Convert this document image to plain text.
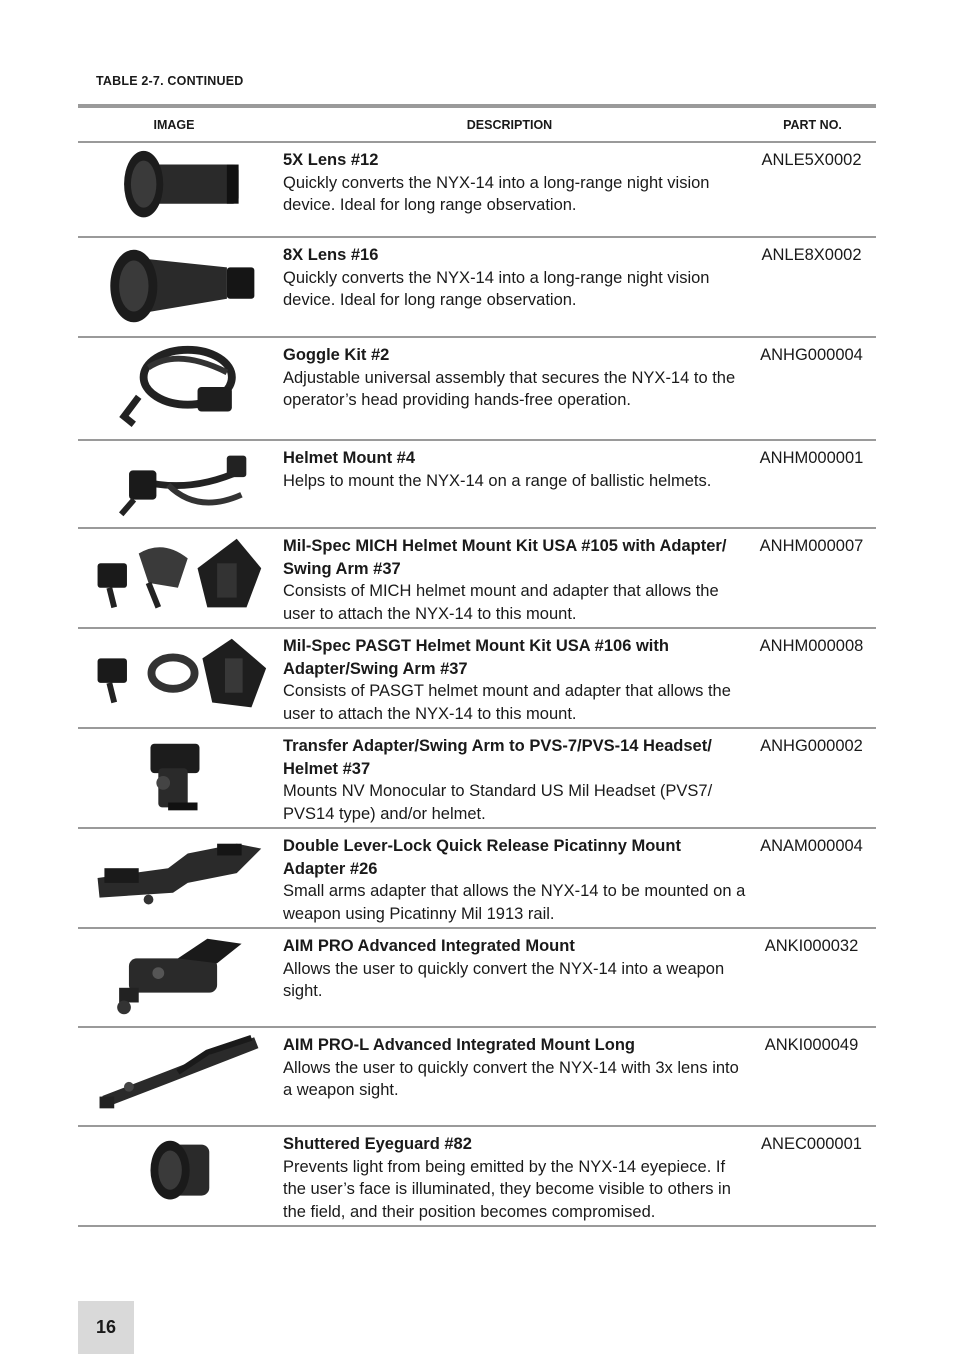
TABLE 2-7. CONTINUED
IMAGE	DESCRIPTION	PART NO.
5X Lens #12
Quickly converts the NYX-14 into a long-range night vision device. Ideal for long range observation.
ANLE5X0002
8X Lens #16
Quickly converts the NYX-14 into a long-range night vision device. Ideal for long range observation.
ANLE8X0002
Goggle Kit #2
Adjustable universal assembly that secures the NYX-14 to the operator’s head providing hands-free operation.
ANHG000004
Helmet Mount #4
Helps to mount the NYX-14 on a range of ballistic helmets.
ANHM000001
Mil-Spec MICH Helmet Mount Kit USA #105 with Adapter/ Swing Arm #37
Consists of MICH helmet mount and adapter that allows the user to attach the NYX-14 to this mount.
ANHM000007
Mil-Spec PASGT Helmet Mount Kit USA #106 with Adapter/Swing Arm #37
Consists of PASGT helmet mount and adapter that allows the user to attach the NYX-14 to this mount.
ANHM000008
Transfer Adapter/Swing Arm to PVS-7/PVS-14 Headset/ Helmet #37
Mounts NV Monocular to Standard US Mil Headset (PVS7/ PVS14 type) and/or helmet.
ANHG000002
Double Lever-Lock Quick Release Picatinny Mount Adapter #26
Small arms adapter that allows the NYX-14 to be mounted on a weapon using Picatinny Mil 1913 rail.
ANAM000004
AIM PRO Advanced Integrated Mount
Allows the user to quickly convert the NYX-14 into a weapon sight.
ANKI000032
AIM PRO-L Advanced Integrated Mount Long
Allows the user to quickly convert the NYX-14 with 3x lens into a weapon sight.
ANKI000049
Shuttered Eyeguard #82
Prevents light from being emitted by the NYX-14 eyepiece. If the user’s face is illuminated, they become visible to others in the field, and their position becomes compromised.
ANEC000001
16
